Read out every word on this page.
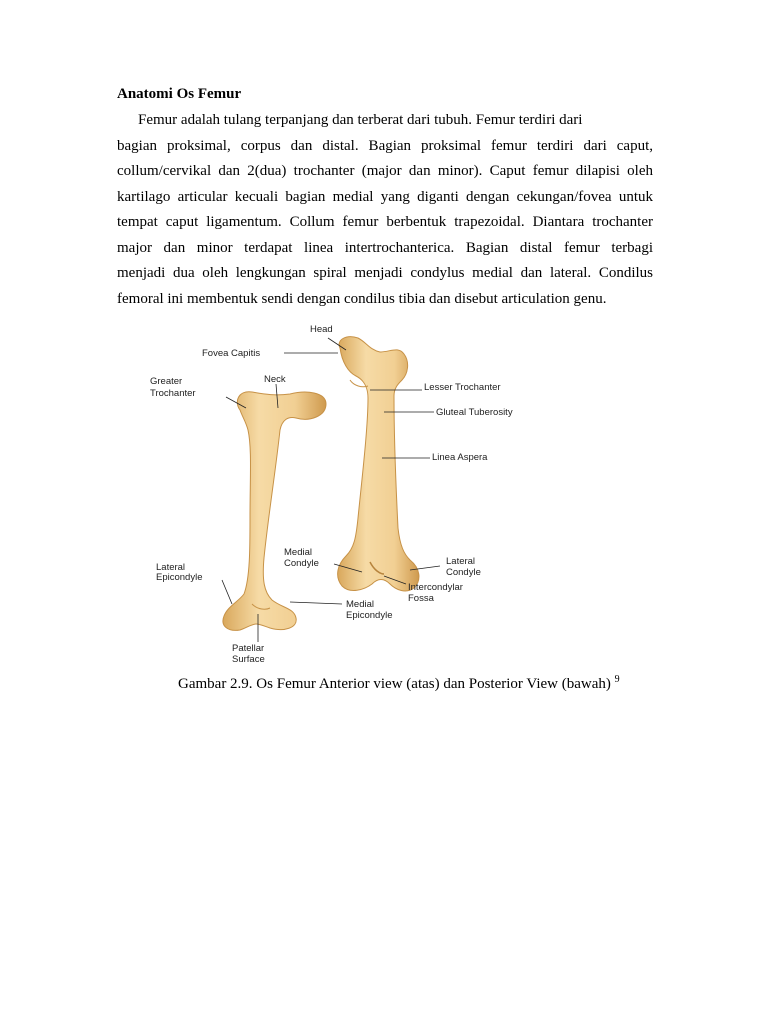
Anatomi Os Femur
Femur adalah tulang terpanjang dan terberat dari tubuh. Femur terdiri dari
bagian proksimal, corpus dan distal. Bagian proksimal femur terdiri dari caput,
collum/cervikal dan 2(dua) trochanter (major dan minor). Caput femur dilapisi oleh
kartilago articular kecuali bagian medial yang diganti dengan cekungan/fovea untuk
tempat caput ligamentum. Collum femur berbentuk trapezoidal. Diantara trochanter
major dan minor terdapat linea intertrochanterica. Bagian distal femur terbagi
menjadi dua oleh lengkungan spiral menjadi condylus medial dan lateral. Condilus
femoral ini membentuk sendi dengan condilus tibia dan disebut articulation genu.
Head
Fovea Capitis
Greater
Trochanter
Neck
Lesser Trochanter
Gluteal Tuberosity
Linea Aspera
Medial
Condyle	Lateral
Condyle
Lateral
Epicondyle
Intercondylar
Fossa
Medial
Epicondyle
Patellar
Surface
Gambar 2.9. Os Femur Anterior view (atas) dan Posterior View (bawah) $^9$
